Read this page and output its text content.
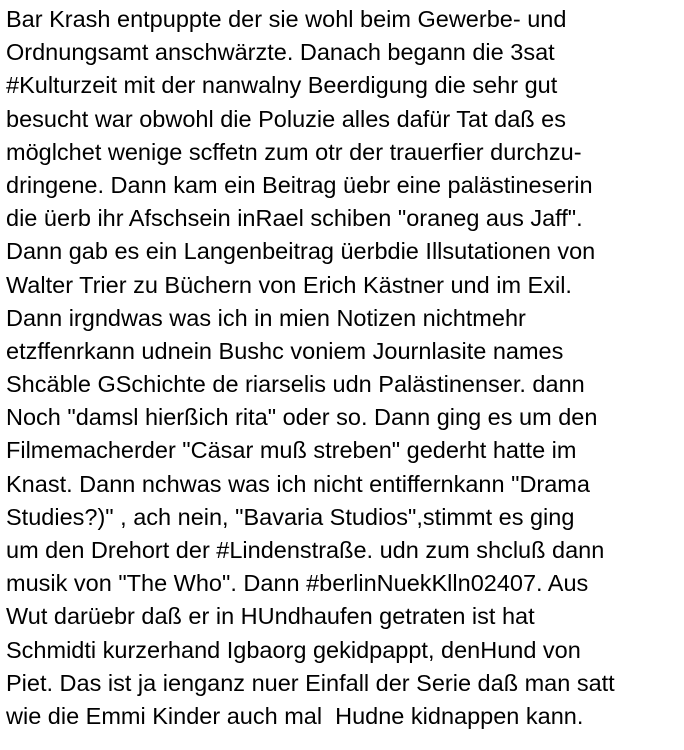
Bar Krash entpuppte der sie wohl beim Gewerbe- und
Ordnungsamt anschwärzte. Danach begann die 3sat
#Kulturzeit mit der nanwalny Beerdigung die sehr gut
besucht war obwohl die Poluzie alles dafür Tat daß es
möglchet wenige scffetn zum otr der trauerfier durchzu-
dringene. Dann kam ein Beitrag üebr eine palästineserin
die üerb ihr Afschsein inRael schiben "oraneg aus Jaff".
Dann gab es ein Langenbeitrag üerbdie Illsutationen von
Walter Trier zu Büchern von Erich Kästner und im Exil.
Dann irgndwas was ich in mien Notizen nichtmehr
etzffenrkann udnein Bushc voniem Journlasite names
Shcäble GSchichte de riarselis udn Palästinenser. dann
Noch "damsl hierßich rita" oder so. Dann ging es um den
Filmemacherder "Cäsar muß streben" gederht hatte im
Knast. Dann nchwas was ich nicht entiffernkann "Drama
Studies?)" , ach nein, "Bavaria Studios",stimmt es ging
um den Drehort der #Lindenstraße. udn zum shcluß dann
musik von "The Who". Dann #berlinNuekKlln02407. Aus
Wut darüebr daß er in HUndhaufen getraten ist hat
Schmidti kurzerhand Igbaorg gekidpappt, denHund von
Piet. Das ist ja ienganz nuer Einfall der Serie daß man satt
wie die Emmi Kinder auch mal  Hudne kidnappen kann.
